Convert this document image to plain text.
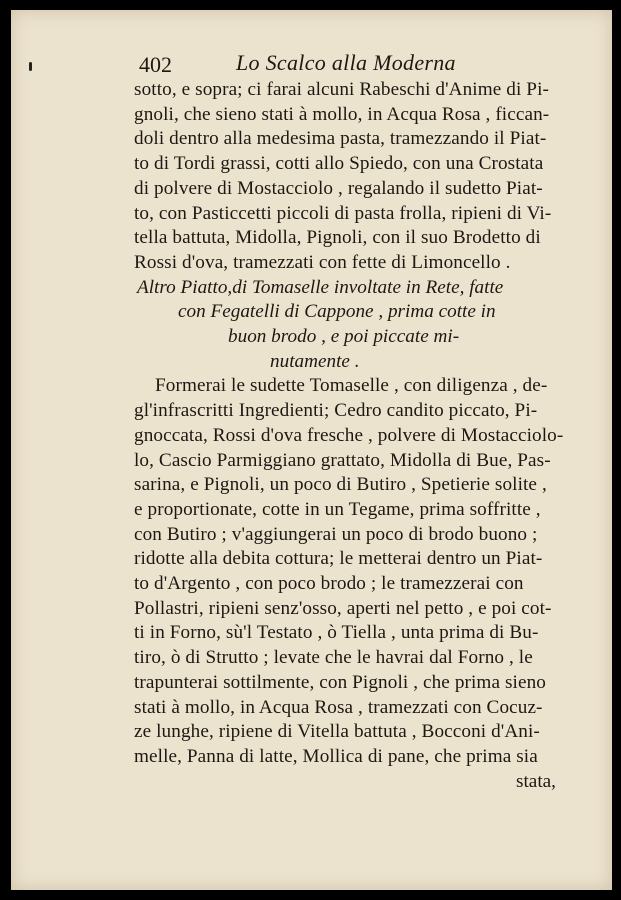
402	Lo Scalco alla Moderna
sotto, e sopra; ci farai alcuni Rabeschi d'Anime di Pi-
gnoli, che sieno stati à mollo, in Acqua Rosa , ficcan-
doli dentro alla medesima pasta, tramezzando il Piat-
to di Tordi grassi, cotti allo Spiedo, con una Crostata
di polvere di Mostacciolo , regalando il sudetto Piat-
to, con Pasticcetti piccoli di pasta frolla, ripieni di Vi-
tella battuta, Midolla, Pignoli, con il suo Brodetto di
Rossi d'ova, tramezzati con fette di Limoncello .
Altro Piatto,di Tomaselle involtate in Rete, fatte
con Fegatelli di Cappone , prima cotte in
buon brodo , e poi piccate mi-
nutamente .
Formerai le sudette Tomaselle , con diligenza , de-
gl'infrascritti Ingredienti; Cedro candito piccato, Pi-
gnoccata, Rossi d'ova fresche , polvere di Mostacciolo-
lo, Cascio Parmiggiano grattato, Midolla di Bue, Pas-
sarina, e Pignoli, un poco di Butiro , Spetierie solite ,
e proportionate, cotte in un Tegame, prima soffritte ,
con Butiro ; v'aggiungerai un poco di brodo buono ;
ridotte alla debita cottura; le metterai dentro un Piat-
to d'Argento , con poco brodo ; le tramezzerai con
Pollastri, ripieni senz'osso, aperti nel petto , e poi cot-
ti in Forno, sù'l Testato , ò Tiella , unta prima di Bu-
tiro, ò di Strutto ; levate che le havrai dal Forno , le
trapunterai sottilmente, con Pignoli , che prima sieno
stati à mollo, in Acqua Rosa , tramezzati con Cocuz-
ze lunghe, ripiene di Vitella battuta , Bocconi d'Ani-
melle, Panna di latte, Mollica di pane, che prima sia
stata,
